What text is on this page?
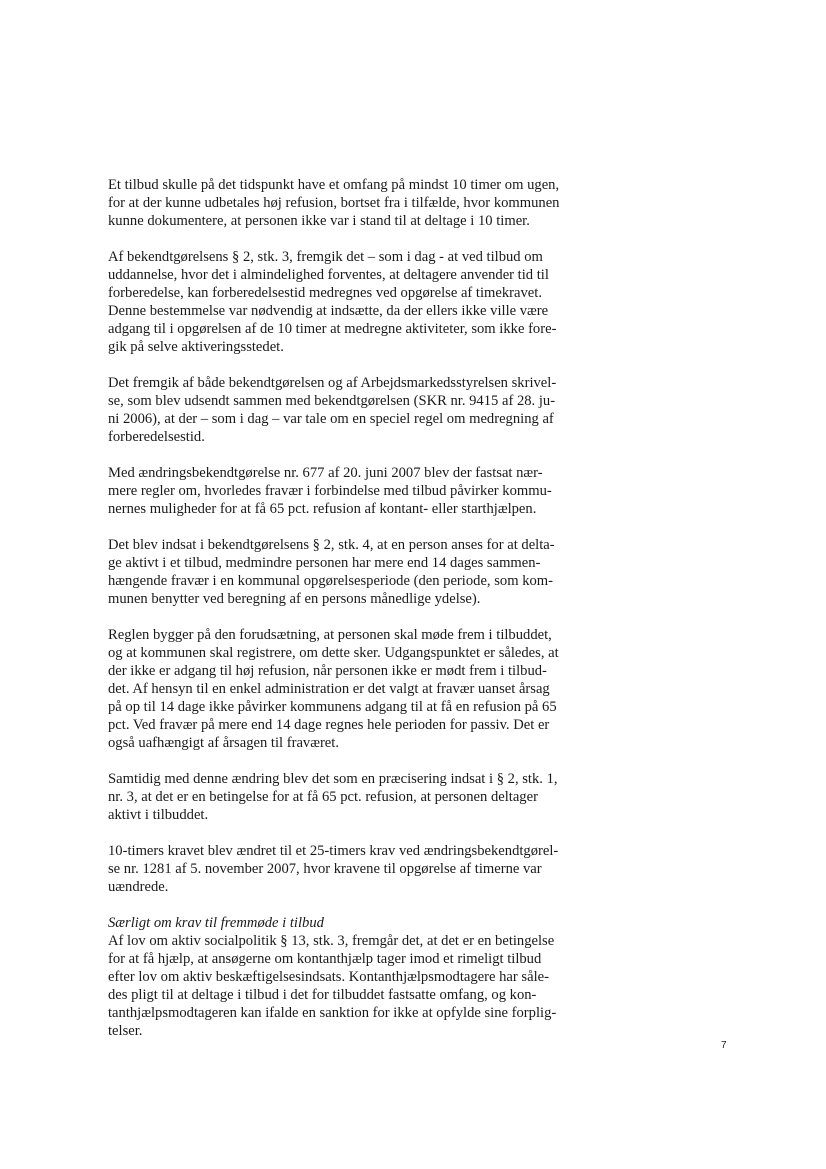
Et tilbud skulle på det tidspunkt have et omfang på mindst 10 timer om ugen,
for at der kunne udbetales høj refusion, bortset fra i tilfælde, hvor kommunen
kunne dokumentere, at personen ikke var i stand til at deltage i 10 timer.
Af bekendtgørelsens § 2, stk. 3, fremgik det – som i dag - at ved tilbud om
uddannelse, hvor det i almindelighed forventes, at deltagere anvender tid til
forberedelse, kan forberedelsestid medregnes ved opgørelse af timekravet.
Denne bestemmelse var nødvendig at indsætte, da der ellers ikke ville være
adgang til i opgørelsen af de 10 timer at medregne aktiviteter, som ikke fore-
gik på selve aktiveringsstedet.
Det fremgik af både bekendtgørelsen og af Arbejdsmarkedsstyrelsen skrivel-
se, som blev udsendt sammen med bekendtgørelsen (SKR nr. 9415 af 28. ju-
ni 2006), at der – som i dag – var tale om en speciel regel om medregning af
forberedelsestid.
Med ændringsbekendtgørelse nr. 677 af 20. juni 2007 blev der fastsat nær-
mere regler om, hvorledes fravær i forbindelse med tilbud påvirker kommu-
nernes muligheder for at få 65 pct. refusion af kontant- eller starthjælpen.
Det blev indsat i bekendtgørelsens § 2, stk. 4, at en person anses for at delta-
ge aktivt i et tilbud, medmindre personen har mere end 14 dages sammen-
hængende fravær i en kommunal opgørelsesperiode (den periode, som kom-
munen benytter ved beregning af en persons månedlige ydelse).
Reglen bygger på den forudsætning, at personen skal møde frem i tilbuddet,
og at kommunen skal registrere, om dette sker. Udgangspunktet er således, at
der ikke er adgang til høj refusion, når personen ikke er mødt frem i tilbud-
det. Af hensyn til en enkel administration er det valgt at fravær uanset årsag
på op til 14 dage ikke påvirker kommunens adgang til at få en refusion på 65
pct. Ved fravær på mere end 14 dage regnes hele perioden for passiv. Det er
også uafhængigt af årsagen til fraværet.
Samtidig med denne ændring blev det som en præcisering indsat i § 2, stk. 1,
nr. 3, at det er en betingelse for at få 65 pct. refusion, at personen deltager
aktivt i tilbuddet.
10-timers kravet blev ændret til et 25-timers krav ved ændringsbekendtgørel-
se nr. 1281 af 5. november 2007, hvor kravene til opgørelse af timerne var
uændrede.
Særligt om krav til fremmøde i tilbud
Af lov om aktiv socialpolitik § 13, stk. 3, fremgår det, at det er en betingelse
for at få hjælp, at ansøgerne om kontanthjælp tager imod et rimeligt tilbud
efter lov om aktiv beskæftigelsesindsats. Kontanthjælpsmodtagere har såle-
des pligt til at deltage i tilbud i det for tilbuddet fastsatte omfang, og kon-
tanthjælpsmodtageren kan ifalde en sanktion for ikke at opfylde sine forplig-
telser.
7
